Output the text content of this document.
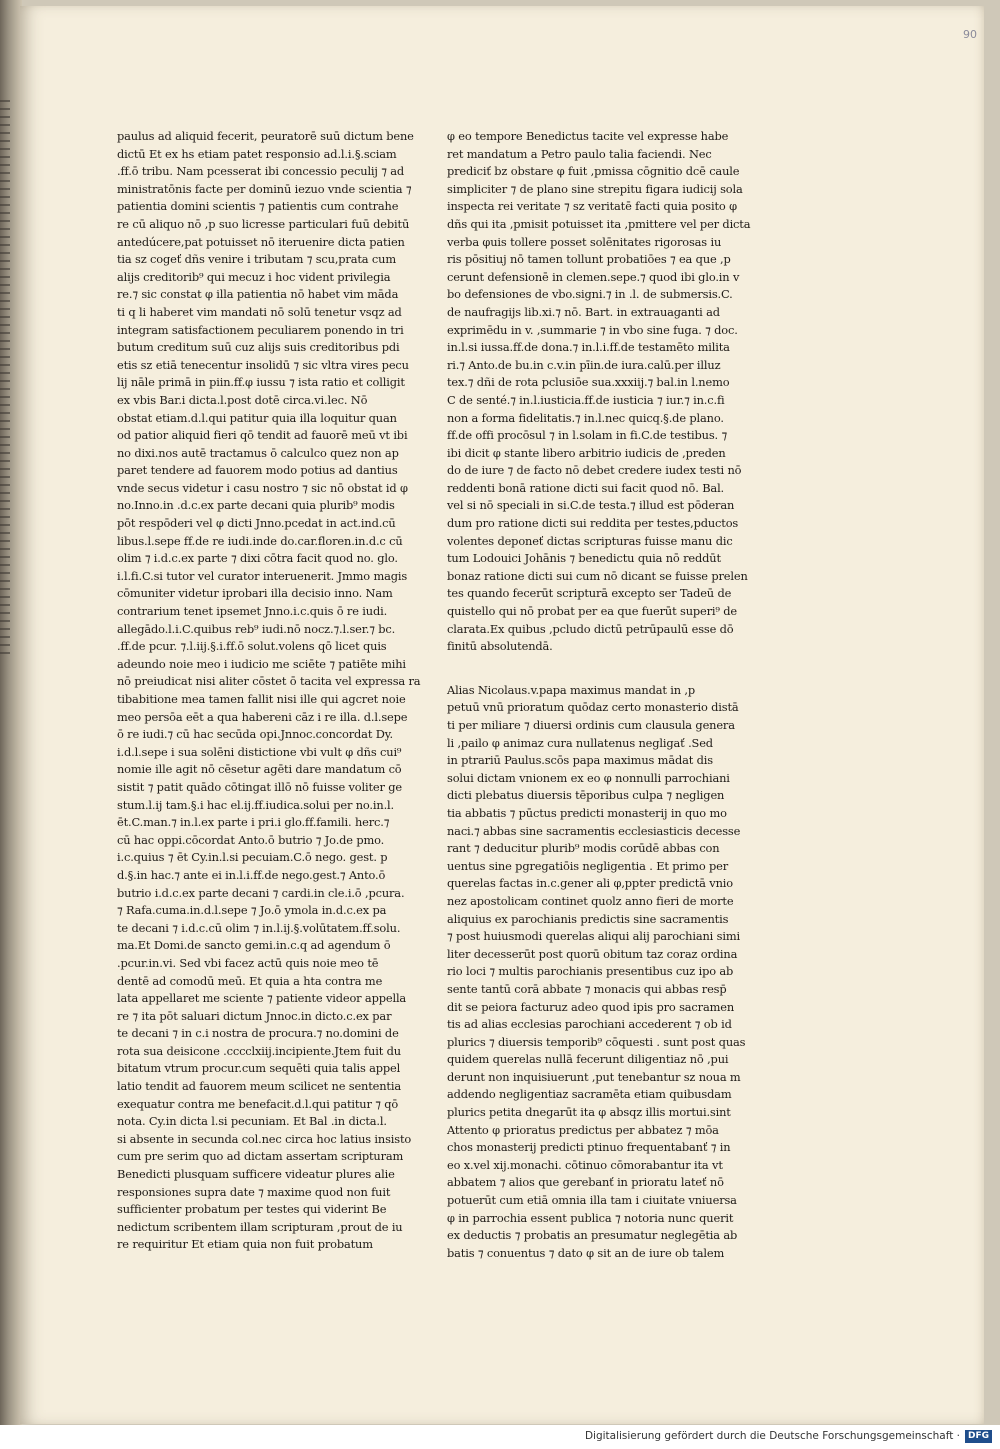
90
paulus ad aliquid fecerit, peuratorē suū dictum bene
dictū Et ex hs etiam patet responsio ad.l.i.§.sciam
.ff.ō tribu. Nam pcesserat ibi concessio peculij ⁊ ad
ministratōnis facte per dominū iezuo vnde scientia ⁊
patientia domini scientis ⁊ patientis cum contrahe
re cū aliquo nō ,p suo licresse particulari fuū debitū
antedúcere,pat potuisset nō iteruenire dicta patien
tia sz cogeť dñs venire i tributam ⁊ scu,prata cum
alijs creditorib⁹ qui mecuz i hoc vident privilegia
re.⁊ sic constat φ illa patientia nō habet vim māda
ti q li haberet vim mandati nō solū tenetur vsqz ad
integram satisfactionem peculiarem ponendo in tri
butum creditum suū cuz alijs suis creditoribus pdi
etis sz etiā tenecentur insolidū ⁊ sic vltra vires pecu
lij nāle primā in piin.ff.φ iussu ⁊ ista ratio et colligit
ex vbis Bar.i dicta.l.post dotē circa.vi.lec. Nō
obstat etiam.d.l.qui patitur quia illa loquitur quan
od patior aliquid fieri qō tendit ad fauorē meū vt ibi
no dixi.nos autē tractamus ō calculco quez non ap
paret tendere ad fauorem modo potius ad dantius
vnde secus videtur i casu nostro ⁊ sic nō obstat id φ
no.Inno.in .d.c.ex parte decani quia plurib⁹ modis
pōt respōderi vel φ dicti Jnno.pcedat in act.ind.cū
libus.l.sepe ff.de re iudi.inde do.car.floren.in.d.c cū
olim ⁊ i.d.c.ex parte ⁊ dixi cōtra facit quod no. glo.
i.l.fi.C.si tutor vel curator interuenerit. Jmmo magis
cōmuniter videtur iprobari illa decisio inno. Nam
contrarium tenet ipsemet Jnno.i.c.quis ō re iudi.
allegādo.l.i.C.quibus reb⁹ iudi.nō nocz.⁊.l.ser.⁊ bc.
.ff.de pcur. ⁊.l.iij.§.i.ff.ō solut.volens qō licet quis
adeundo noie meo i iudicio me sciēte ⁊ patiēte mihi
nō preiudicat nisi aliter cōstet ō tacita vel expressa ra
tibabitione mea tamen fallit nisi ille qui agcret noie
meo persōa eēt a qua habereni cāz i re illa. d.l.sepe
ō re iudi.⁊ cū hac secūda opi.Jnnoc.concordat Dy.
i.d.l.sepe i sua solēni distictione vbi vult φ dñs cui⁹
nomie ille agit nō cēsetur agēti dare mandatum cō
sistit ⁊ patit quādo cōtingat illō nō fuisse voliter ge
stum.l.ij tam.§.i hac el.ij.ff.iudica.solui per no.in.l.
ēt.C.man.⁊ in.l.ex parte i pri.i glo.ff.famili. herc.⁊
cū hac oppi.cōcordat Anto.ō butrio ⁊ Jo.de pmo.
i.c.quius ⁊ ēt Cy.in.l.si pecuiam.C.ō nego. gest. p
d.§.in hac.⁊ ante ei in.l.i.ff.de nego.gest.⁊ Anto.ō
butrio i.d.c.ex parte decani ⁊ cardi.in cle.i.ō ,pcura.
⁊ Rafa.cuma.in.d.l.sepe ⁊ Jo.ō ymola in.d.c.ex pa
te decani ⁊ i.d.c.cū olim ⁊ in.l.ij.§.volūtatem.ff.solu.
ma.Et Domi.de sancto gemi.in.c.q ad agendum ō
.pcur.in.vi. Sed vbi facez actū quis noie meo tē
dentē ad comodū meū. Et quia a hta contra me
lata appellaret me sciente ⁊ patiente videor appella
re ⁊ ita pōt saluari dictum Jnnoc.in dicto.c.ex par
te decani ⁊ in c.i nostra de procura.⁊ no.domini de
rota sua deisicone .cccclxiij.incipiente.Jtem fuit du
bitatum vtrum procur.cum sequēti quia talis appel
latio tendit ad fauorem meum scilicet ne sententia
exequatur contra me benefacit.d.l.qui patitur ⁊ qō
nota. Cy.in dicta l.si pecuniam. Et Bal .in dicta.l.
si absente in secunda col.nec circa hoc latius insisto
cum pre serim quo ad dictam assertam scripturam
Benedicti plusquam sufficere videatur plures alie
responsiones supra date ⁊ maxime quod non fuit
sufficienter probatum per testes qui viderint Be
nedictum scribentem illam scripturam ,prout de iu
re requiritur Et etiam quia non fuit probatum
φ eo tempore Benedictus tacite vel expresse habe
ret mandatum a Petro paulo talia faciendi. Nec
prediciť bz obstare φ fuit ,pmissa cōgnitio dcē caule
simpliciter ⁊ de plano sine strepitu figara iudicij sola
inspecta rei veritate ⁊ sz veritatē facti quia posito φ
dñs qui ita ,pmisit potuisset ita ,pmittere vel per dicta
verba φuis tollere posset solēnitates rigorosas iu
ris pōsitiuj nō tamen tollunt probatiōes ⁊ ea que ,p
cerunt defensionē in clemen.sepe.⁊ quod ibi glo.in v
bo defensiones de vbo.signi.⁊ in .l. de submersis.C.
de naufragijs lib.xi.⁊ nō. Bart. in extrauaganti ad
exprimēdu in v. ,summarie ⁊ in vbo sine fuga. ⁊ doc.
in.l.si iussa.ff.de dona.⁊ in.l.i.ff.de testamēto milita
ri.⁊ Anto.de bu.in c.v.in pīin.de iura.calū.per illuz
tex.⁊ dñi de rota pclusiōe sua.xxxiij.⁊ bal.in l.nemo
C de senté.⁊ in.l.iusticia.ff.de iusticia ⁊ iur.⁊ in.c.fi
non a forma fidelitatis.⁊ in.l.nec quicq.§.de plano.
ff.de offi procōsul ⁊ in l.solam in fi.C.de testibus. ⁊
ibi dicit φ stante libero arbitrio iudicis de ,preden
do de iure ⁊ de facto nō debet credere iudex testi nō
reddenti bonā ratione dicti sui facit quod nō. Bal.
vel si nō speciali in si.C.de testa.⁊ illud est pōderan
dum pro ratione dicti sui reddita per testes,pductos
volentes deponeť dictas scripturas fuisse manu dic
tum Lodouici Johānis ⁊ benedictu quia nō reddūt
bonaz ratione dicti sui cum nō dicant se fuisse prelen
tes quando fecerūt scripturā excepto ser Tadeū de
quistello qui nō probat per ea que fuerūt superi⁹ de
clarata.Ex quibus ,pcludo dictū petrūpaulū esse dō
finitū absolutendā.
Alias Nicolaus.v.papa maximus mandat in ,p
petuū vnū prioratum quōdaz certo monasterio distā
ti per miliare ⁊ diuersi ordinis cum clausula genera
li ,pailo φ animaz cura nullatenus negligať .Sed
in ptrariū Paulus.scōs papa maximus mādat dis
solui dictam vnionem ex eo φ nonnulli parrochiani
dicti plebatus diuersis tēporibus culpa ⁊ negligen
tia abbatis ⁊ pūctus predicti monasterij in quo mo
naci.⁊ abbas sine sacramentis ecclesiasticis decesse
rant ⁊ deducitur plurib⁹ modis corūdē abbas con
uentus sine pgregatiōis negligentia . Et primo per
querelas factas in.c.gener ali φ,ppter predictā vnio
nez apostolicam continet quolz anno fieri de morte
aliquius ex parochianis predictis sine sacramentis
⁊ post huiusmodi querelas aliqui alij parochiani simi
liter decesserūt post quorū obitum taz coraz ordina
rio loci ⁊ multis parochianis presentibus cuz ipo ab
sente tantū corā abbate ⁊ monacis qui abbas resp̄
dit se peiora facturuz adeo quod ipis pro sacramen
tis ad alias ecclesias parochiani accederent ⁊ ob id
plurics ⁊ diuersis temporib⁹ cōquesti . sunt post quas
quidem querelas nullā fecerunt diligentiaz nō ,pui
derunt non inquisiuerunt ,put tenebantur sz noua m
addendo negligentiaz sacramēta etiam quibusdam
plurics petita dnegarūt ita φ absqz illis mortui.sint
Attento φ prioratus predictus per abbatez ⁊ mōa
chos monasterij predicti ptinuo frequentabanť ⁊ in
eo x.vel xij.monachi. cōtinuo cōmorabantur ita vt
abbatem ⁊ alios que gerebanť in prioratu lateť nō
potuerūt cum etiā omnia illa tam i ciuitate vniuersa
φ in parrochia essent publica ⁊ notoria nunc querit
ex deductis ⁊ probatis an presumatur neglegētia ab
batis ⁊ conuentus ⁊ dato φ sit an de iure ob talem
Digitalisierung gefördert durch die Deutsche Forschungsgemeinschaft · DFG
